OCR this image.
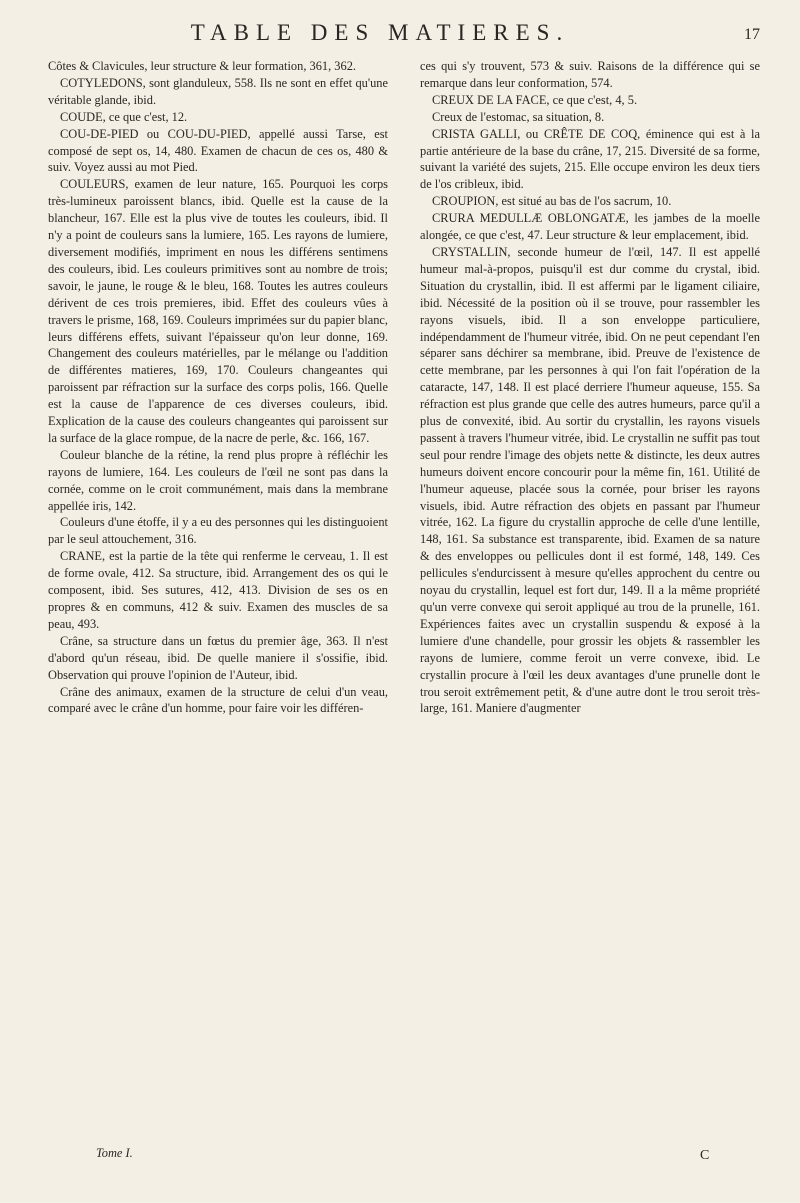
TABLE DES MATIERES.	17

Côtes & Clavicules, leur structure & leur formation, 361, 362.

COTYLEDONS, sont glanduleux, 558. Ils ne sont en effet qu'une véritable glande, ibid.

COUDE, ce que c'est, 12.

COU-DE-PIED ou COU-DU-PIED, appellé aussi Tarse, est composé de sept os, 14, 480. Examen de chacun de ces os, 480 & suiv. Voyez aussi au mot Pied.

COULEURS, examen de leur nature, 165. Pourquoi les corps très-lumineux paroissent blancs, ibid. Quelle est la cause de la blancheur, 167. Elle est la plus vive de toutes les couleurs, ibid. Il n'y a point de couleurs sans la lumiere, 165. Les rayons de lumiere, diversement modifiés, impriment en nous les différens sentimens des couleurs, ibid. Les couleurs primitives sont au nombre de trois; savoir, le jaune, le rouge & le bleu, 168. Toutes les autres couleurs dérivent de ces trois premieres, ibid. Effet des couleurs vûes à travers le prisme, 168, 169. Couleurs imprimées sur du papier blanc, leurs différens effets, suivant l'épaisseur qu'on leur donne, 169. Changement des couleurs matérielles, par le mélange ou l'addition de différentes matieres, 169, 170. Couleurs changeantes qui paroissent par réfraction sur la surface des corps polis, 166. Quelle est la cause de l'apparence de ces diverses couleurs, ibid. Explication de la cause des couleurs changeantes qui paroissent sur la surface de la glace rompue, de la nacre de perle, &c. 166, 167.

Couleur blanche de la rétine, la rend plus propre à réfléchir les rayons de lumiere, 164. Les couleurs de l'œil ne sont pas dans la cornée, comme on le croit communément, mais dans la membrane appellée iris, 142.

Couleurs d'une étoffe, il y a eu des personnes qui les distinguoient par le seul attouchement, 316.

CRANE, est la partie de la tête qui renferme le cerveau, 1. Il est de forme ovale, 412. Sa structure, ibid. Arrangement des os qui le composent, ibid. Ses sutures, 412, 413. Division de ses os en propres & en communs, 412 & suiv. Examen des muscles de sa peau, 493.

Crâne, sa structure dans un fœtus du premier âge, 363. Il n'est d'abord qu'un réseau, ibid. De quelle maniere il s'ossifie, ibid. Observation qui prouve l'opinion de l'Auteur, ibid.

Crâne des animaux, examen de la structure de celui d'un veau, comparé avec le crâne d'un homme, pour faire voir les différen-

ces qui s'y trouvent, 573 & suiv. Raisons de la différence qui se remarque dans leur conformation, 574.

CREUX DE LA FACE, ce que c'est, 4, 5.

Creux de l'estomac, sa situation, 8.

CRISTA GALLI, ou CRÊTE DE COQ, éminence qui est à la partie antérieure de la base du crâne, 17, 215. Diversité de sa forme, suivant la variété des sujets, 215. Elle occupe environ les deux tiers de l'os cribleux, ibid.

CROUPION, est situé au bas de l'os sacrum, 10.

CRURA MEDULLÆ OBLONGATÆ, les jambes de la moelle alongée, ce que c'est, 47. Leur structure & leur emplacement, ibid.

CRYSTALLIN, seconde humeur de l'œil, 147. Il est appellé humeur mal-à-propos, puisqu'il est dur comme du crystal, ibid. Situation du crystallin, ibid. Il est affermi par le ligament ciliaire, ibid. Nécessité de la position où il se trouve, pour rassembler les rayons visuels, ibid. Il a son enveloppe particuliere, indépendamment de l'humeur vitrée, ibid. On ne peut cependant l'en séparer sans déchirer sa membrane, ibid. Preuve de l'existence de cette membrane, par les personnes à qui l'on fait l'opération de la cataracte, 147, 148. Il est placé derriere l'humeur aqueuse, 155. Sa réfraction est plus grande que celle des autres humeurs, parce qu'il a plus de convexité, ibid. Au sortir du crystallin, les rayons visuels passent à travers l'humeur vitrée, ibid. Le crystallin ne suffit pas tout seul pour rendre l'image des objets nette & distincte, les deux autres humeurs doivent encore concourir pour la même fin, 161. Utilité de l'humeur aqueuse, placée sous la cornée, pour briser les rayons visuels, ibid. Autre réfraction des objets en passant par l'humeur vitrée, 162. La figure du crystallin approche de celle d'une lentille, 148, 161. Sa substance est transparente, ibid. Examen de sa nature & des enveloppes ou pellicules dont il est formé, 148, 149. Ces pellicules s'endurcissent à mesure qu'elles approchent du centre ou noyau du crystallin, lequel est fort dur, 149. Il a la même propriété qu'un verre convexe qui seroit appliqué au trou de la prunelle, 161. Expériences faites avec un crystallin suspendu & exposé à la lumiere d'une chandelle, pour grossir les objets & rassembler les rayons de lumiere, comme feroit un verre convexe, ibid. Le crystallin procure à l'œil les deux avantages d'une prunelle dont le trou seroit extrêmement petit, & d'une autre dont le trou seroit très-large, 161. Maniere d'augmenter

Tome I.	C
